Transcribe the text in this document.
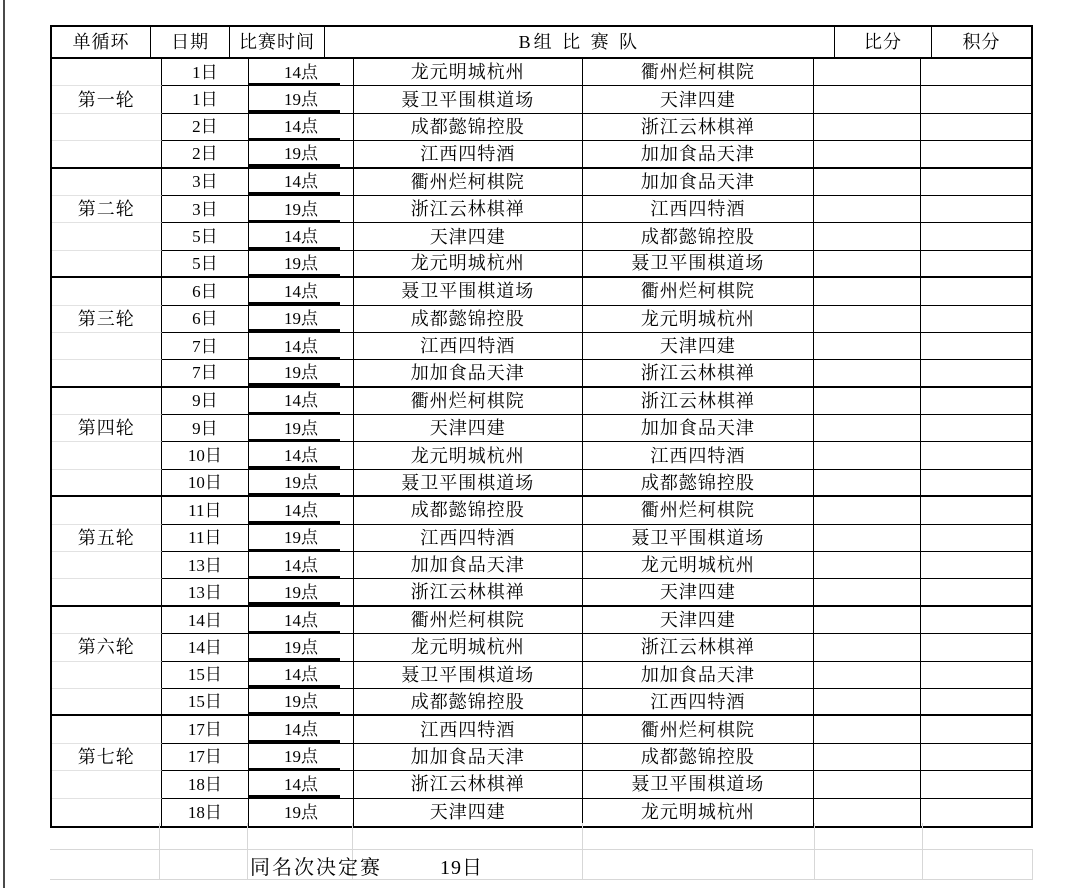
单循环 日期 比赛时间	B组 比 赛 队	比分	积分
1日	14点	龙元明城杭州	衢州烂柯棋院
第一轮	1日	19点	聂卫平围棋道场	天津四建
2日	14点	成都懿锦控股	浙江云林棋禅
2日	19点	江西四特酒	加加食品天津
3日	14点	衢州烂柯棋院	加加食品天津
第二轮	3日	19点	浙江云林棋禅	江西四特酒
5日	14点	天津四建	成都懿锦控股
5日	19点	龙元明城杭州	聂卫平围棋道场
6日	14点	聂卫平围棋道场	衢州烂柯棋院
第三轮	6日	19点	成都懿锦控股	龙元明城杭州
7日	14点	江西四特酒	天津四建
7日	19点	加加食品天津	浙江云林棋禅
9日	14点	衢州烂柯棋院	浙江云林棋禅
第四轮	9日	19点	天津四建	加加食品天津
10日	14点	龙元明城杭州	江西四特酒
10日	19点	聂卫平围棋道场	成都懿锦控股
11日	14点	成都懿锦控股	衢州烂柯棋院
第五轮	11日	19点	江西四特酒	聂卫平围棋道场
13日	14点	加加食品天津	龙元明城杭州
13日	19点	浙江云林棋禅	天津四建
14日	14点	衢州烂柯棋院	天津四建
第六轮	14日	19点	龙元明城杭州	浙江云林棋禅
15日	14点	聂卫平围棋道场	加加食品天津
15日	19点	成都懿锦控股	江西四特酒
17日	14点	江西四特酒	衢州烂柯棋院
第七轮	17日	19点	加加食品天津	成都懿锦控股
18日	14点	浙江云林棋禅	聂卫平围棋道场
18日	19点	天津四建	龙元明城杭州
同名次决定赛	19日
